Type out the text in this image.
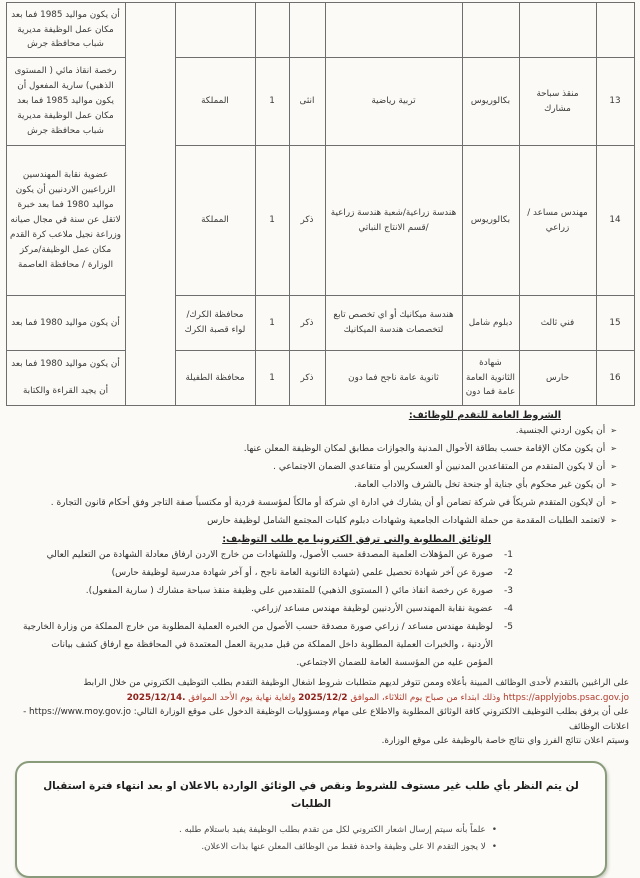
								أن يكون مواليد 1985 فما بعد مكان عمل الوظيفة مديرية شباب محافظة جرش
13	منقذ سباحة مشارك	بكالوريوس	تربية رياضية	انثى	1	المملكة		رخصة انقاذ مائي ( المستوى الذهبي) سارية المفعول أن يكون مواليد 1985 فما بعد مكان عمل الوظيفة مديرية شباب محافظة جرش
14	مهندس مساعد /زراعي	بكالوريوس	هندسة زراعية/شعبة هندسة زراعية /قسم الانتاج النباتي	ذكر	1	المملكة		عضوية نقابة المهندسين الزراعيين الاردنيين أن يكون مواليد 1980 فما بعد خبرة لاتقل عن سنة في مجال صيانه وزراعة نجيل ملاعب كرة القدم مكان عمل الوظيفة/مركز الوزارة / محافظة العاصمة
15	فني ثالث	دبلوم شامل	هندسة ميكانيك أو اي تخصص تابع لتخصصات هندسة الميكانيك	ذكر	1	محافظة الكرك/ لواء قصبة الكرك		أن يكون مواليد 1980 فما بعد
16	حارس	شهادة الثانوية العامة عامة فما دون	ثانوية عامة ناجح فما دون	ذكر	1	محافظة الطفيلة		أن يكون مواليد 1980 فما بعد
أن يجيد القراءة والكتابة
الشروط العامة للتقدم للوظائف:
➢أن يكون اردني الجنسية.
➢أن يكون مكان الإقامة حسب بطاقة الأحوال المدنية والجوازات مطابق لمكان الوظيفة المعلن عنها.
➢أن لا يكون المتقدم من المتقاعدين المدنيين أو العسكريين أو متقاعدي الضمان الاجتماعي .
➢أن يكون غير محكوم بأي جناية أو جنحة تخل بالشرف والاداب العامة.
➢أن لايكون المتقدم شريكاً في شركة تضامن أو أن يشارك في ادارة اي شركة أو مالكاً لمؤسسة فردية أو مكتسباً صفة التاجر وفق أحكام قانون التجارة .
➢لاتعتمد الطلبات المقدمة من حملة الشهادات الجامعية وشهادات دبلوم كليات المجتمع الشامل لوظيفة حارس
الوثائق المطلوبة والتي ترفق الكترونيا مع طلب التوظيف:
1-
صورة عن المؤهلات العلمية المصدقة حسب الأصول، وللشهادات من خارج الاردن ارفاق معادلة الشهادة من التعليم العالي
2-
صورة عن آخر شهادة تحصيل علمي (شهادة الثانوية العامة ناجح ، أو آخر شهادة مدرسية لوظيفة حارس)
3-
صورة عن رخصة انقاذ مائي ( المستوى الذهبي) للمتقدمين على وظيفة منقذ سباحة مشارك ( سارية المفعول).
4-
عضوية نقابة المهندسين الأردنيين لوظيفة مهندس مساعد /زراعي.
5-
لوظيفة مهندس مساعد / زراعي صورة مصدقة حسب الأصول من الخبره العملية المطلوبة من خارج المملكة من وزارة الخارجية الأردنية ، والخبرات العملية المطلوبة داخل المملكة من قبل مديرية العمل المعتمدة في المحافظة مع ارفاق كشف بيانات المؤمن عليه من المؤسسة العامة للضمان الاجتماعي.
على الراغبين بالتقدم لأحدى الوظائف المبينة بأعلاه وممن تتوفر لديهم متطلبات شروط اشغال الوظيفة التقدم بطلب التوظيف الكتروني من خلال الرابط
https://applyjobs.psac.gov.jo وذلك ابتداء من صباح يوم الثلاثاء، الموافق 2025/12/2 ولغاية نهاية يوم الأحد الموافق 2025/12/14.
على أن يرفق بطلب التوظيف الالكتروني كافة الوثائق المطلوبة والاطلاع على مهام ومسؤوليات الوظيفة الدخول على موقع الوزارة التالي: https://www.moy.gov.jo - اعلانات الوظائف
وسيتم اعلان نتائج الفرز واي نتائج خاصة بالوظيفة على موقع الوزارة.
لن يتم النظر بأي طلب غير مستوف للشروط ونقص في الوثائق الواردة بالاعلان او بعد انتهاء فترة استقبال الطلبات
•علماً بأنه سيتم إرسال اشعار الكتروني لكل من تقدم بطلب الوظيفة يفيد باستلام طلبه .
•لا يجوز التقدم الا على وظيفة واحدة فقط من الوظائف المعلن عنها بذات الاعلان.
